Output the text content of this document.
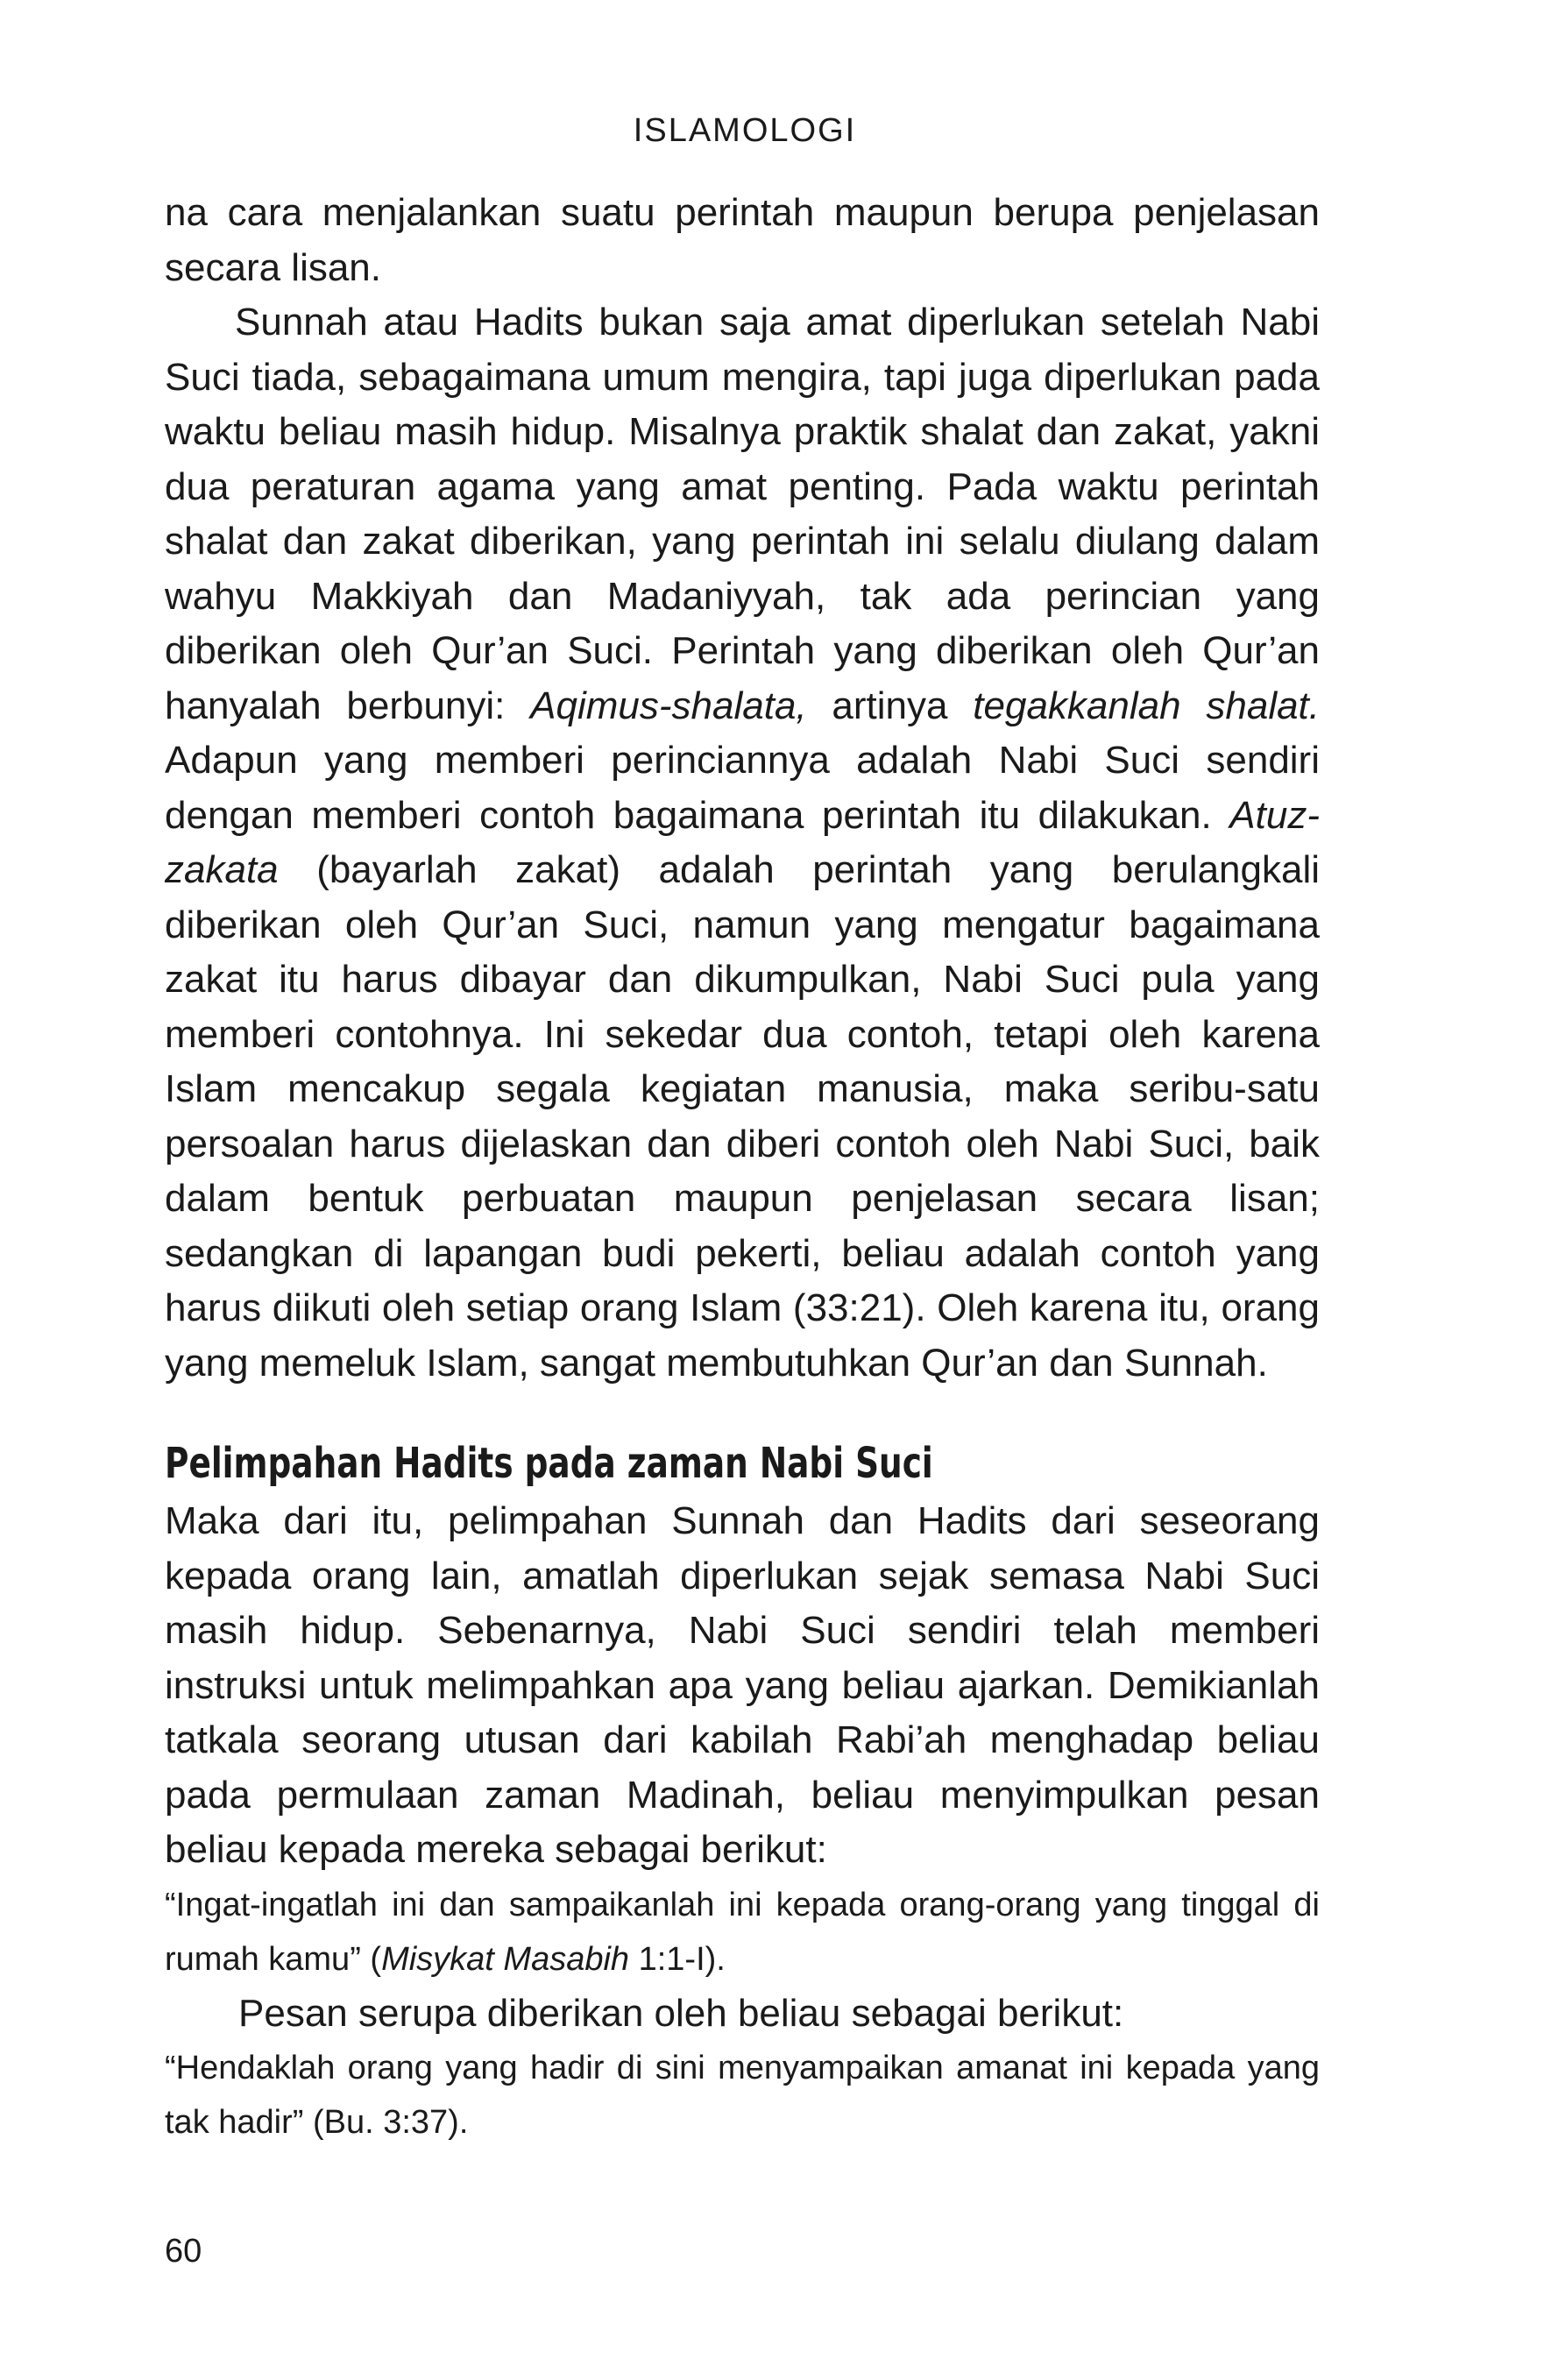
ISLAMOLOGI

na cara menjalankan suatu perintah maupun berupa penjelasan secara lisan.

Sunnah atau Hadits bukan saja amat diperlukan setelah Nabi Suci tiada, sebagaimana umum mengira, tapi juga diperlukan pada waktu beliau masih hidup. Misalnya praktik shalat dan zakat, yakni dua peraturan agama yang amat penting. Pada waktu perintah shalat dan zakat diberikan, yang perintah ini selalu diulang dalam wahyu Makkiyah dan Madaniyyah, tak ada perincian yang diberikan oleh Qur’an Suci. Perintah yang diberikan oleh Qur’an hanyalah berbunyi: Aqimus-shalata, artinya tegakkanlah shalat. Adapun yang memberi perinciannya adalah Nabi Suci sendiri dengan memberi contoh bagaimana perintah itu dilakukan. Atuz-zakata (bayarlah zakat) adalah perintah yang berulangkali diberikan oleh Qur’an Suci, namun yang mengatur bagaimana zakat itu harus dibayar dan dikumpulkan, Nabi Suci pula yang memberi contohnya. Ini sekedar dua contoh, tetapi oleh karena Islam mencakup segala kegiatan manusia, maka seribu-satu persoalan harus dijelaskan dan diberi contoh oleh Nabi Suci, baik dalam bentuk perbuatan maupun penjelasan secara lisan; sedangkan di lapangan budi pekerti, beliau adalah contoh yang harus diikuti oleh setiap orang Islam (33:21). Oleh karena itu, orang yang memeluk Islam, sangat membutuhkan Qur’an dan Sunnah.

Pelimpahan Hadits pada zaman Nabi Suci

Maka dari itu, pelimpahan Sunnah dan Hadits dari seseorang kepada orang lain, amatlah diperlukan sejak semasa Nabi Suci masih hidup. Sebenarnya, Nabi Suci sendiri telah memberi instruksi untuk melimpahkan apa yang beliau ajarkan. Demikianlah tatkala seorang utusan dari kabilah Rabi’ah menghadap beliau pada permulaan zaman Madinah, beliau menyimpulkan pesan beliau kepada mereka sebagai berikut:

“Ingat-ingatlah ini dan sampaikanlah ini kepada orang-orang yang tinggal di rumah kamu” (Misykat Masabih 1:1-I).

Pesan serupa diberikan oleh beliau sebagai berikut:

“Hendaklah orang yang hadir di sini menyampaikan amanat ini kepada yang tak hadir” (Bu. 3:37).

60
